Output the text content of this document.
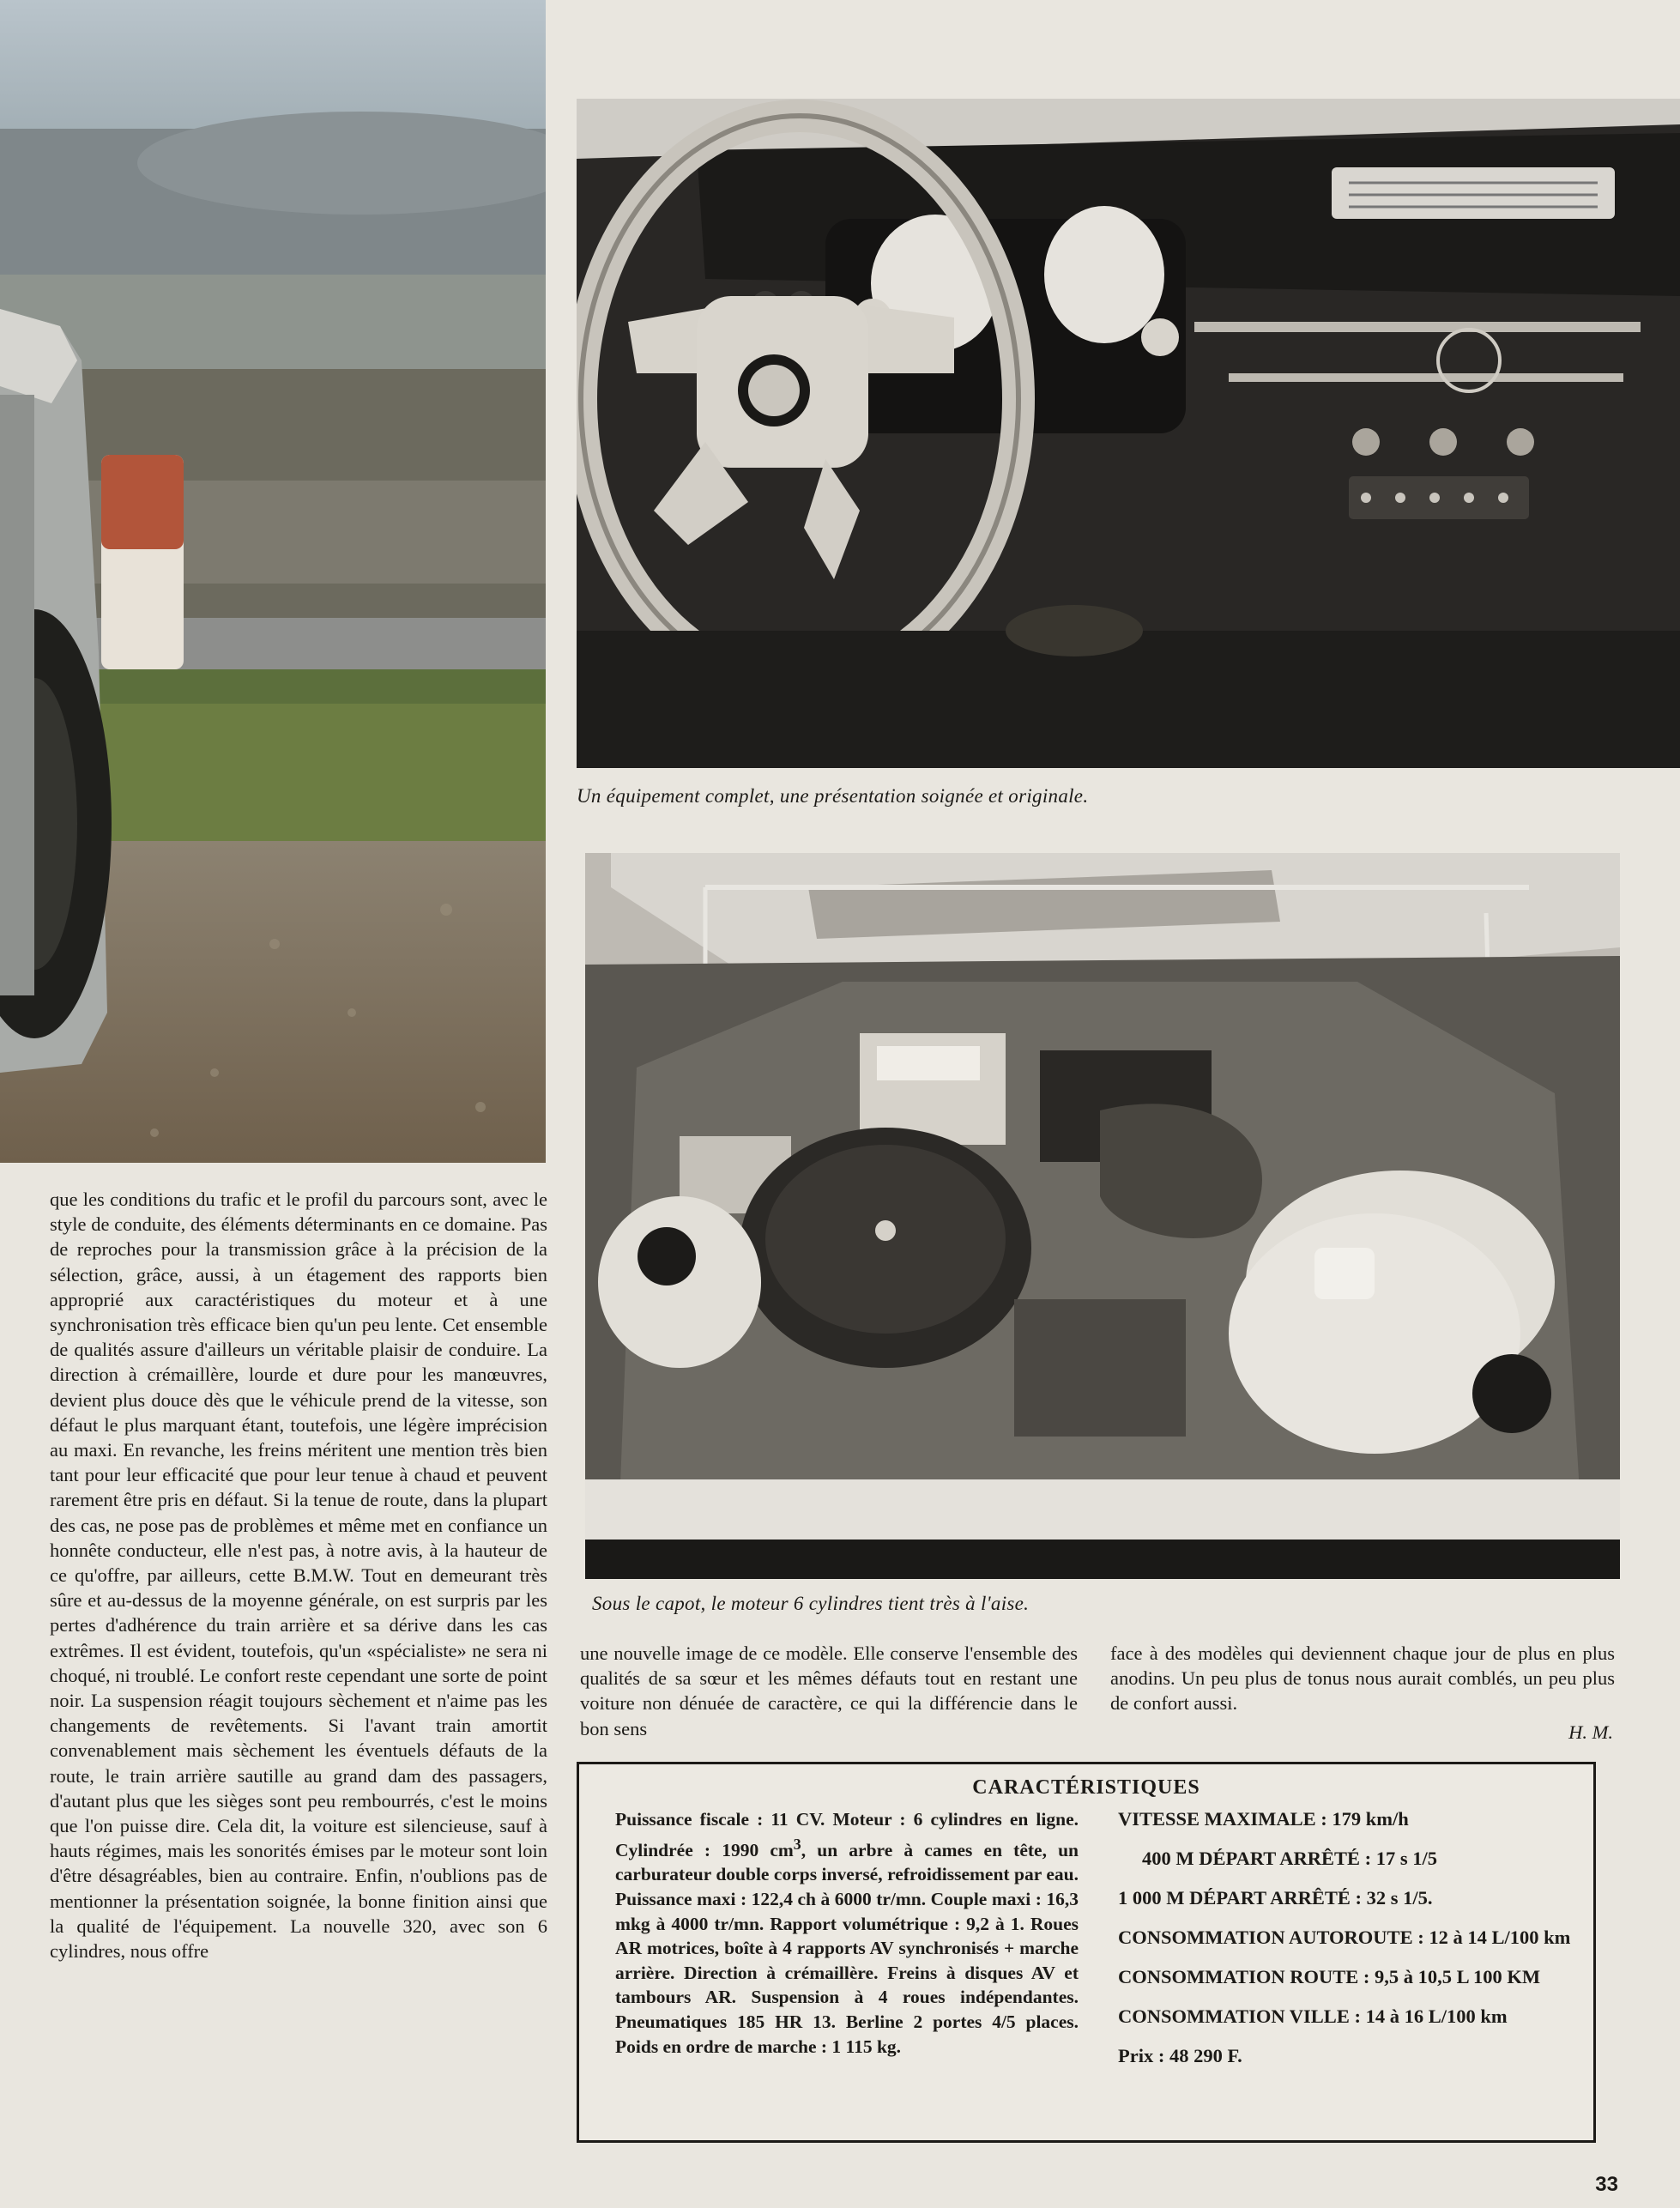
Un équipement complet, une présentation soignée et originale.
Sous le capot, le moteur 6 cylindres tient très à l'aise.

que les conditions du trafic et le profil du parcours sont, avec le style de conduite, des éléments déterminants en ce domaine. Pas de reproches pour la transmission grâce à la précision de la sélection, grâce, aussi, à un étagement des rapports bien approprié aux caractéristiques du moteur et à une synchronisation très efficace bien qu'un peu lente. Cet ensemble de qualités assure d'ailleurs un véritable plaisir de conduire. La direction à crémaillère, lourde et dure pour les manœuvres, devient plus douce dès que le véhicule prend de la vitesse, son défaut le plus marquant étant, toutefois, une légère imprécision au maxi. En revanche, les freins méritent une mention très bien tant pour leur efficacité que pour leur tenue à chaud et peuvent rarement être pris en défaut. Si la tenue de route, dans la plupart des cas, ne pose pas de problèmes et même met en confiance un honnête conducteur, elle n'est pas, à notre avis, à la hauteur de ce qu'offre, par ailleurs, cette B.M.W. Tout en demeurant très sûre et au-dessus de la moyenne générale, on est surpris par les pertes d'adhérence du train arrière et sa dérive dans les cas extrêmes. Il est évident, toutefois, qu'un «spécialiste» ne sera ni choqué, ni troublé. Le confort reste cependant une sorte de point noir. La suspension réagit toujours sèchement et n'aime pas les changements de revêtements. Si l'avant train amortit convenablement mais sèchement les éventuels défauts de la route, le train arrière sautille au grand dam des passagers, d'autant plus que les sièges sont peu rembourrés, c'est le moins que l'on puisse dire. Cela dit, la voiture est silencieuse, sauf à hauts régimes, mais les sonorités émises par le moteur sont loin d'être désagréables, bien au contraire. Enfin, n'oublions pas de mentionner la présentation soignée, la bonne finition ainsi que la qualité de l'équipement. La nouvelle 320, avec son 6 cylindres, nous offre

une nouvelle image de ce modèle. Elle conserve l'ensemble des qualités de sa sœur et les mêmes défauts tout en restant une voiture non dénuée de caractère, ce qui la différencie dans le bon sens

face à des modèles qui deviennent chaque jour de plus en plus anodins. Un peu plus de tonus nous aurait comblés, un peu plus de confort aussi.

H. M.
CARACTÉRISTIQUES
Puissance fiscale : 11 CV. Moteur : 6 cylindres en ligne. Cylindrée : 1990 $cm^3$, un arbre à cames en tête, un carburateur double corps inversé, refroidissement par eau. Puissance maxi : 122,4 ch à 6000 tr/mn. Couple maxi : 16,3 mkg à 4000 tr/mn. Rapport volumétrique : 9,2 à 1. Roues AR motrices, boîte à 4 rapports AV synchronisés + marche arrière. Direction à crémaillère. Freins à disques AV et tambours AR. Suspension à 4 roues indépendantes. Pneumatiques 185 HR 13. Berline 2 portes 4/5 places. Poids en ordre de marche : 1 115 kg.
VITESSE MAXIMALE : 179 km/h
400 M DÉPART ARRÊTÉ : 17 s 1/5
1 000 M DÉPART ARRÊTÉ : 32 s 1/5.
CONSOMMATION AUTOROUTE : 12 à 14 L/100 km
CONSOMMATION ROUTE : 9,5 à 10,5 L 100 KM
CONSOMMATION VILLE : 14 à 16 L/100 km
Prix : 48 290 F.
33
